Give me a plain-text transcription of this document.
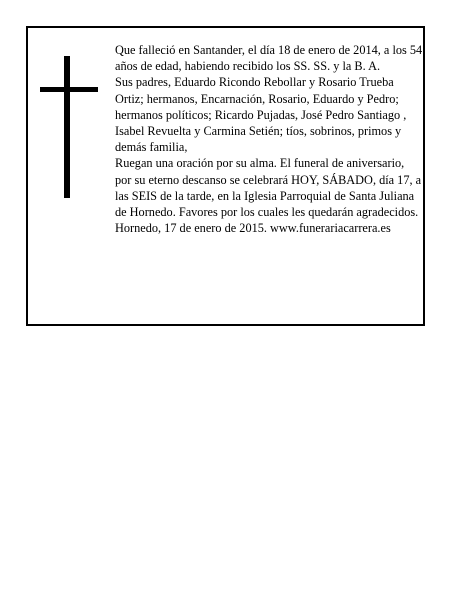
Que falleció en Santander, el día 18 de enero de 2014, a los 54 años de edad, habiendo recibido los SS. SS. y la B. A.

Sus padres, Eduardo Ricondo Rebollar y Rosario Trueba Ortiz; hermanos, Encarnación, Rosario, Eduardo y Pedro; hermanos políticos; Ricardo Pujadas, José Pedro Santiago , Isabel Revuelta y Carmina Setién; tíos, sobrinos, primos y demás familia,

Ruegan una oración por su alma. El funeral de aniversario, por su eterno descanso se celebrará HOY, SÁBADO, día 17, a las SEIS de la tarde, en la Iglesia Parroquial de Santa Juliana de Hornedo. Favores por los cuales les quedarán agradecidos.

Hornedo, 17 de enero de 2015. www.funerariacarrera.es
